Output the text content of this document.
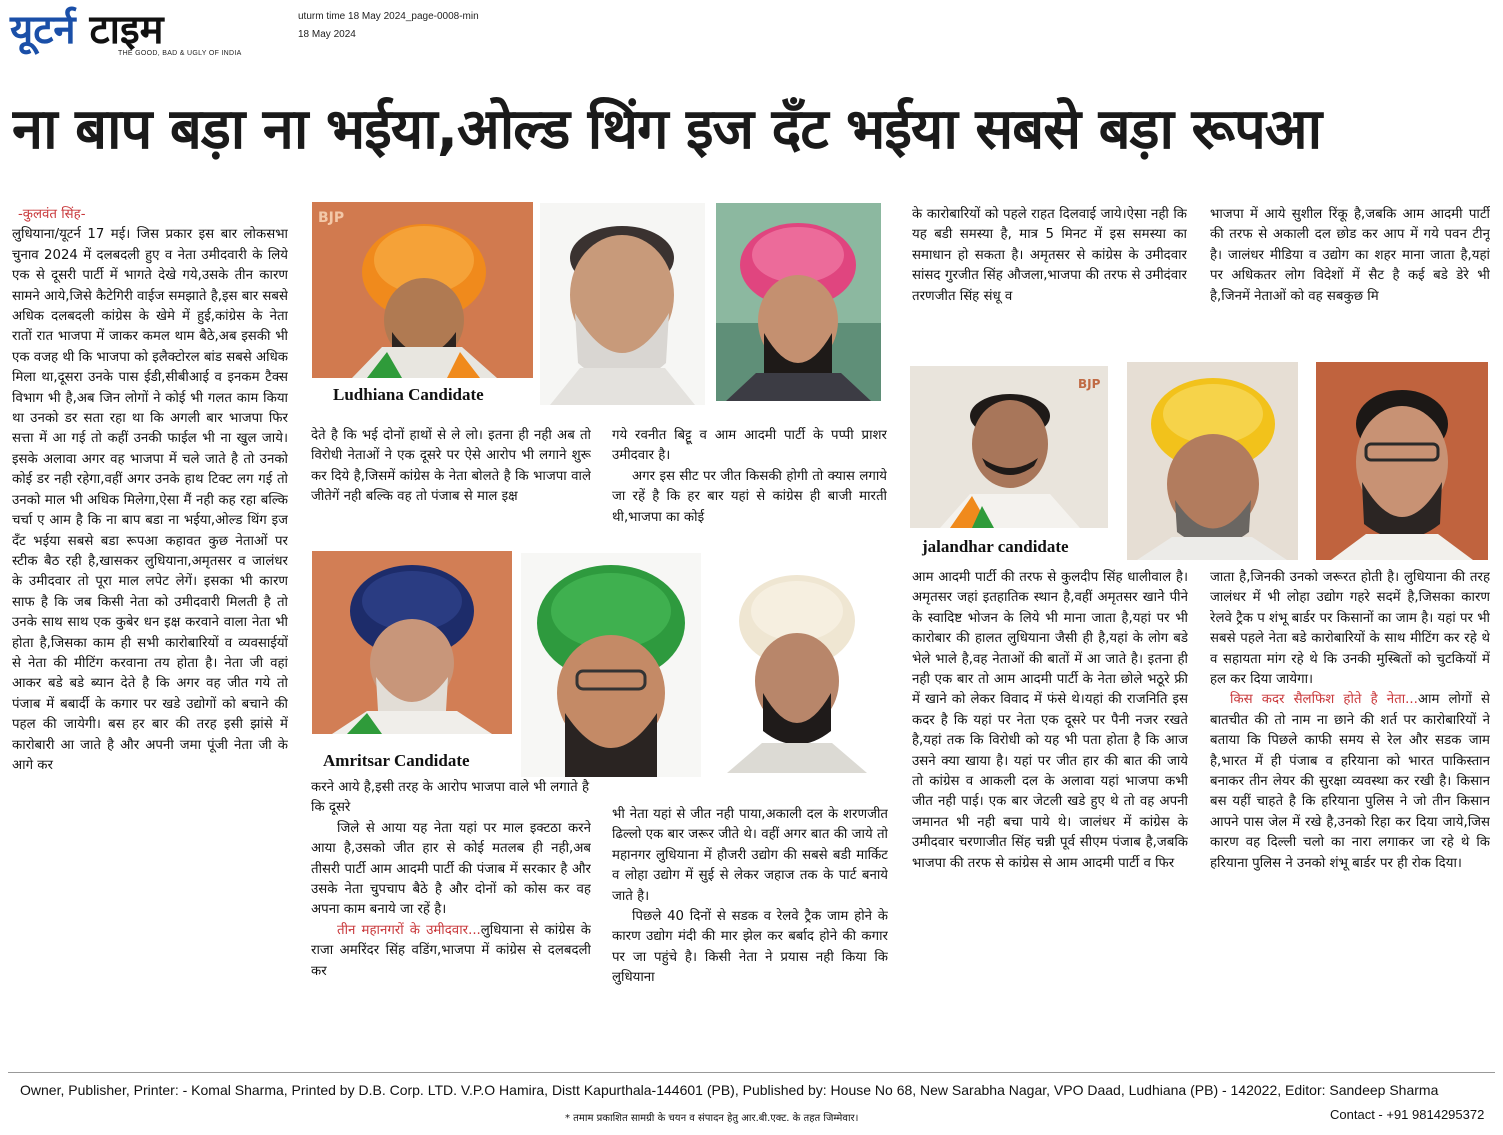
यूटर्न टाइम
THE GOOD, BAD & UGLY OF INDIA
uturm time 18 May 2024_page-0008-min
18 May 2024
ना बाप बड़ा ना भईया,ओल्ड थिंग इज दँट भईया सबसे बड़ा रूपआ

-कुलवंत सिंह-

लुधियाना/यूटर्न 17 मई। जिस प्रकार इस बार लोकसभा चुनाव 2024 में दलबदली हुए व नेता उमीदवारी के लिये एक से दूसरी पार्टी में भागते देखे गये,उसके तीन कारण सामने आये,जिसे कैटेगिरी वाईज समझाते है,इस बार सबसे अधिक दलबदली कांग्रेस के खेमे में हुई,कांग्रेस के नेता रातों रात भाजपा में जाकर कमल थाम बैठे,अब इसकी भी एक वजह थी कि भाजपा को इलैक्टोरल बांड सबसे अधिक मिला था,दूसरा उनके पास ईडी,सीबीआई व इनकम टैक्स विभाग भी है,अब जिन लोगों ने कोई भी गलत काम किया था उनको डर सता रहा था कि अगली बार भाजपा फिर सत्ता में आ गई तो कहीं उनकी फाईल भी ना खुल जाये। इसके अलावा अगर वह भाजपा में चले जाते है तो उनको कोई डर नही रहेगा,वहीं अगर उनके हाथ टिक्ट लग गई तो उनको माल भी अधिक मिलेगा,ऐसा मैं नही कह रहा बल्कि चर्चा ए आम है कि ना बाप बडा ना भईया,ओल्ड थिंग इज दँट भईया सबसे बडा रूपआ कहावत कुछ नेताओं पर स्टीक बैठ रही है,खासकर लुधियाना,अमृतसर व जालंधर के उमीदवार तो पूरा माल लपेट लेगें। इसका भी कारण साफ है कि जब किसी नेता को उमीदवारी मिलती है तो उनके साथ साथ एक कुबेर धन इक्ष करवाने वाला नेता भी होता है,जिसका काम ही सभी कारोबारियों व व्यवसाईयों से नेता की मीटिंग करवाना तय होता है। नेता जी वहां आकर बडे बडे ब्यान देते है कि अगर वह जीत गये तो पंजाब में बबार्दी के कगार पर खडे उद्योगों को बचाने की पहल की जायेगी। बस हर बार की तरह इसी झांसे में कारोबारी आ जाते है और अपनी जमा पूंजी नेता जी के आगे कर

BJP
Ludhiana Candidate

देते है कि भई दोनों हाथों से ले लो। इतना ही नही अब तो विरोधी नेताओं ने एक दूसरे पर ऐसे आरोप भी लगाने शुरू कर दिये है,जिसमें कांग्रेस के नेता बोलते है कि भाजपा वाले जीतेगें नही बल्कि वह तो पंजाब से माल इक्ष

गये रवनीत बिट्टू व आम आदमी पार्टी के पप्पी प्राशर उमीदवार है।

अगर इस सीट पर जीत किसकी होगी तो क्यास लगाये जा रहें है कि हर बार यहां से कांग्रेस ही बाजी मारती थी,भाजपा का कोई

Amritsar Candidate

करने आये है,इसी तरह के आरोप भाजपा वाले भी लगाते है कि दूसरे

जिले से आया यह नेता यहां पर माल इक्टठा करने आया है,उसको जीत हार से कोई मतलब ही नही,अब तीसरी पार्टी आम आदमी पार्टी की पंजाब में सरकार है और उसके नेता चुपचाप बैठे है और दोनों को कोस कर वह अपना काम बनाये जा रहें है।

तीन महानगरों के उमीदवार...लुधियाना से कांग्रेस के राजा अमरिंदर सिंह वडिंग,भाजपा में कांग्रेस से दलबदली कर

भी नेता यहां से जीत नही पाया,अकाली दल के शरणजीत ढिल्लो एक बार जरूर जीते थे। वहीं अगर बात की जाये तो महानगर लुधियाना में हौजरी उद्योग की सबसे बडी मार्किट व लोहा उद्योग में सुई से लेकर जहाज तक के पार्ट बनाये जाते है।

पिछले 40 दिनों से सडक व रेलवे ट्रैक जाम होने के कारण उद्योग मंदी की मार झेल कर बर्बाद होने की कगार पर जा पहुंचे है। किसी नेता ने प्रयास नही किया कि लुधियाना

के कारोबारियों को पहले राहत दिलवाई जाये।ऐसा नही कि यह बडी समस्या है, मात्र 5 मिनट में इस समस्या का समाधान हो सकता है। अमृतसर से कांग्रेस के उमीदवार सांसद गुरजीत सिंह औजला,भाजपा की तरफ से उमीदंवार तरणजीत सिंह संधू व

भाजपा में आये सुशील रिंकू है,जबकि आम आदमी पार्टी की तरफ से अकाली दल छोड कर आप में गये पवन टीनू है। जालंधर मीडिया व उद्योग का शहर माना जाता है,यहां पर अधिकतर लोग विदेशों में सैट है कई बडे डेरे भी है,जिनमें नेताओं को वह सबकुछ मि

BJP
jalandhar candidate

आम आदमी पार्टी की तरफ से कुलदीप सिंह धालीवाल है। अमृतसर जहां इतहातिक स्थान है,वहीं अमृतसर खानेे पीने के स्वादिष्ट भोजन के लिये भी माना जाता है,यहां पर भी कारोबार की हालत लुधियाना जैसी ही है,यहां के लोग बडे भेले भाले है,वह नेताओं की बातों में आ जाते है। इतना ही नही एक बार तो आम आदमी पार्टी के नेता छोले भठूरे फ्री में खाने को लेकर विवाद में फंसे थे।यहां की राजनिति इस कदर है कि यहां पर नेता एक दूसरे पर पैनी नजर रखते है,यहां तक कि विरोधी को यह भी पता होता है कि आज उसने क्या खाया है। यहां पर जीत हार की बात की जाये तो कांग्रेस व आकली दल के अलावा यहां भाजपा कभी जीत नही पाई। एक बार जेटली खडे हुए थे तो वह अपनी जमानत भी नही बचा पाये थे। जालंधर में कांग्रेस के उमीदवार चरणाजीत सिंह चन्नी पूर्व सीएम पंजाब है,जबकि भाजपा की तरफ से कांग्रेस से आम आदमी पार्टी व फिर

जाता है,जिनकी उनको जरूरत होती है। लुधियाना की तरह जालंधर में भी लोहा उद्योग गहरे सदमें है,जिसका कारण रेलवे ट्रैक प शंभू बार्डर पर किसानों का जाम है। यहां पर भी सबसे पहले नेता बडे कारोबारियों के साथ मीटिंग कर रहे थे व सहायता मांग रहे थे कि उनकी मुस्बितों को चुटकियों में हल कर दिया जायेगा।

किस कदर सैलफिश होते है नेता...आम लोगों से बातचीत की तो नाम ना छाने की शर्त पर कारोबारियों ने बताया कि पिछले काफी समय से रेल और सडक जाम है,भारत में ही पंजाब व हरियाना को भारत पाकिस्तान बनाकर तीन लेयर की सुरक्षा व्यवस्था कर रखी है। किसान बस यहीं चाहते है कि हरियाना पुलिस ने जो तीन किसान आपने पास जेल में रखे है,उनको रिहा कर दिया जाये,जिस कारण वह दिल्ली चलो का नारा लगाकर जा रहे थे कि हरियाना पुलिस ने उनको शंभू बार्डर पर ही रोक दिया।

Owner, Publisher, Printer: - Komal Sharma, Printed by D.B. Corp. LTD. V.P.O Hamira, Distt Kapurthala-144601 (PB), Published by: House No 68, New Sarabha Nagar, VPO Daad, Ludhiana (PB) - 142022, Editor: Sandeep Sharma
* तमाम प्रकाशित सामग्री के चयन व संपादन हेतु आर.बी.एक्ट. के तहत जिम्मेवार।	Contact - +91 9814295372
